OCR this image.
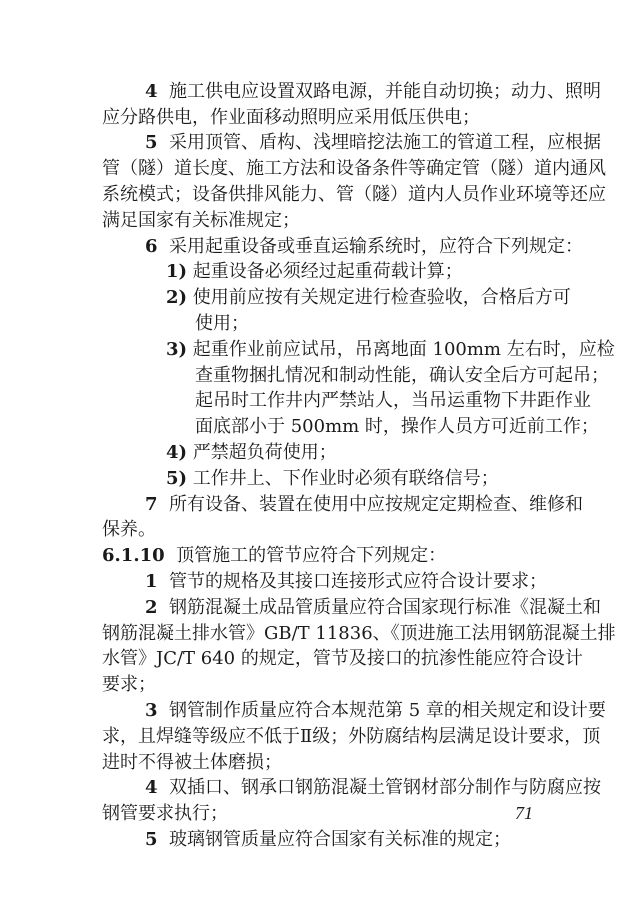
4 施工供电应设置双路电源，并能自动切换；动力、照明
应分路供电，作业面移动照明应采用低压供电；
5 采用顶管、盾构、浅埋暗挖法施工的管道工程，应根据
管（隧）道长度、施工方法和设备条件等确定管（隧）道内通风
系统模式；设备供排风能力、管（隧）道内人员作业环境等还应
满足国家有关标准规定；
6 采用起重设备或垂直运输系统时，应符合下列规定：
1) 起重设备必须经过起重荷载计算；
2) 使用前应按有关规定进行检查验收，合格后方可
使用；
3) 起重作业前应试吊，吊离地面 100mm 左右时，应检
查重物捆扎情况和制动性能，确认安全后方可起吊；
起吊时工作井内严禁站人，当吊运重物下井距作业
面底部小于 500mm 时，操作人员方可近前工作；
4) 严禁超负荷使用；
5) 工作井上、下作业时必须有联络信号；
7 所有设备、装置在使用中应按规定定期检查、维修和
保养。
6.1.10 顶管施工的管节应符合下列规定：
1 管节的规格及其接口连接形式应符合设计要求；
2 钢筋混凝土成品管质量应符合国家现行标准《混凝土和
钢筋混凝土排水管》GB/T 11836、《顶进施工法用钢筋混凝土排
水管》JC/T 640 的规定，管节及接口的抗渗性能应符合设计
要求；
3 钢管制作质量应符合本规范第 5 章的相关规定和设计要
求，且焊缝等级应不低于Ⅱ级；外防腐结构层满足设计要求，顶
进时不得被土体磨损；
4 双插口、钢承口钢筋混凝土管钢材部分制作与防腐应按
钢管要求执行；
5 玻璃钢管质量应符合国家有关标准的规定；
71
